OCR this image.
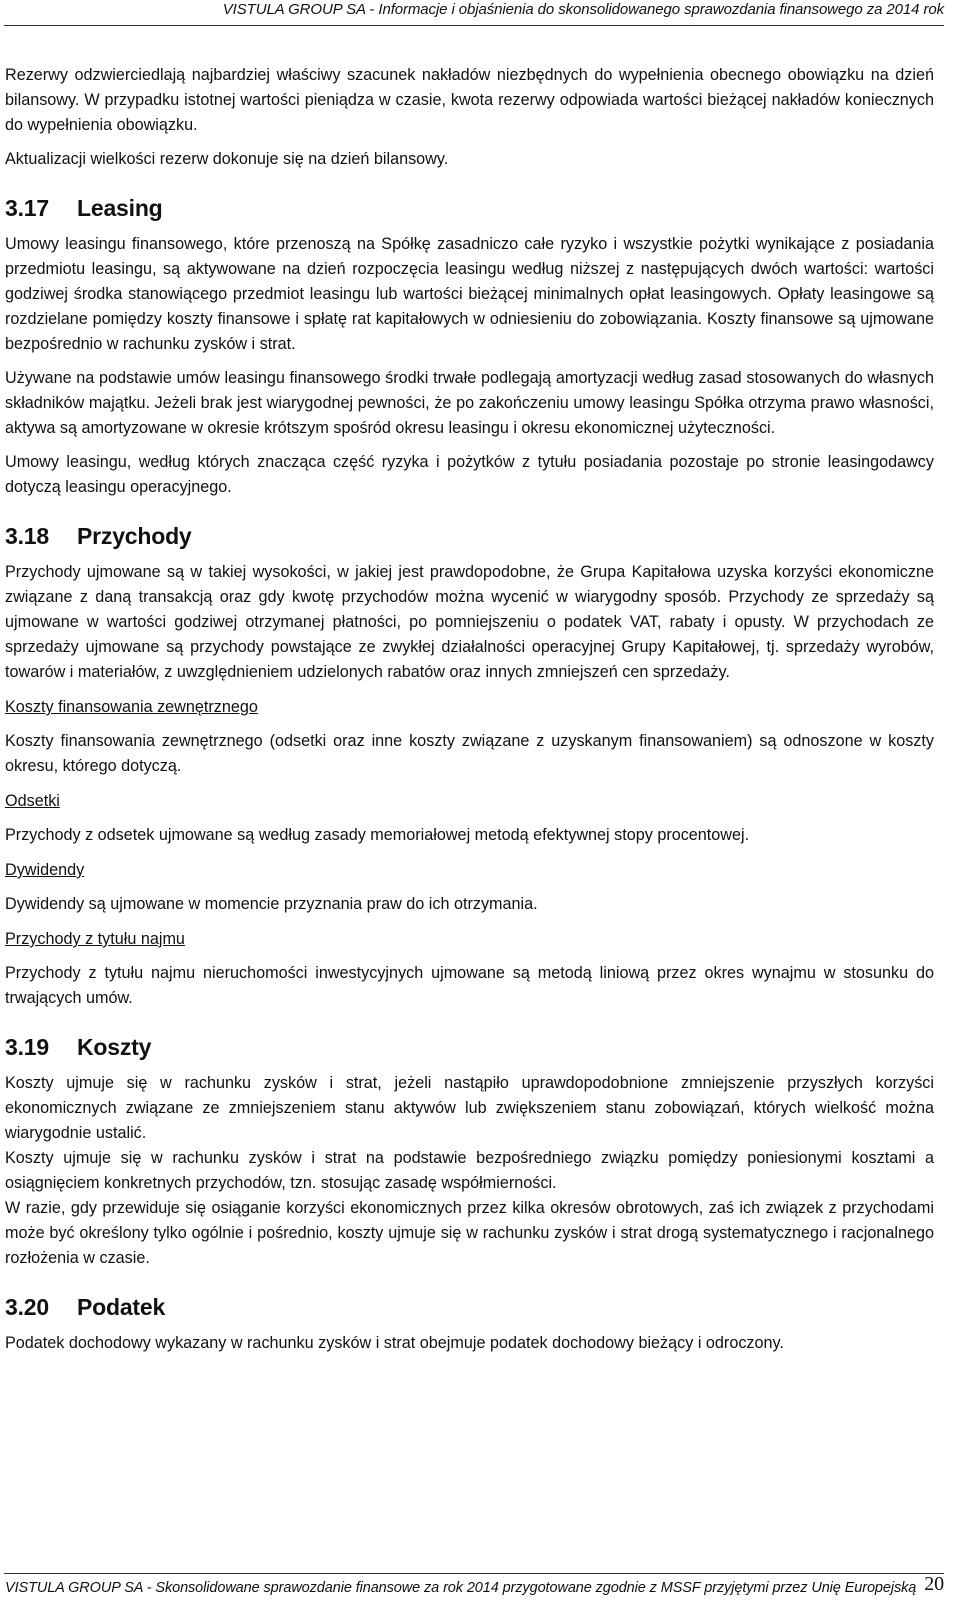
VISTULA GROUP SA - Informacje i objaśnienia do skonsolidowanego sprawozdania finansowego za 2014 rok

Rezerwy odzwierciedlają najbardziej właściwy szacunek nakładów niezbędnych do wypełnienia obecnego obowiązku na dzień bilansowy. W przypadku istotnej wartości pieniądza w czasie, kwota rezerwy odpowiada wartości bieżącej nakładów koniecznych do wypełnienia obowiązku.

Aktualizacji wielkości rezerw dokonuje się na dzień bilansowy.

3.17 Leasing

Umowy leasingu finansowego, które przenoszą na Spółkę zasadniczo całe ryzyko i wszystkie pożytki wynikające z posiadania przedmiotu leasingu, są aktywowane na dzień rozpoczęcia leasingu według niższej z następujących dwóch wartości: wartości godziwej środka stanowiącego przedmiot leasingu lub wartości bieżącej minimalnych opłat leasingowych. Opłaty leasingowe są rozdzielane pomiędzy koszty finansowe i spłatę rat kapitałowych w odniesieniu do zobowiązania. Koszty finansowe są ujmowane bezpośrednio w rachunku zysków i strat.

Używane na podstawie umów leasingu finansowego środki trwałe podlegają amortyzacji według zasad stosowanych do własnych składników majątku. Jeżeli brak jest wiarygodnej pewności, że po zakończeniu umowy leasingu Spółka otrzyma prawo własności, aktywa są amortyzowane w okresie krótszym spośród okresu leasingu i okresu ekonomicznej użyteczności.

Umowy leasingu, według których znacząca część ryzyka i pożytków z tytułu posiadania pozostaje po stronie leasingodawcy dotyczą leasingu operacyjnego.

3.18 Przychody

Przychody ujmowane są w takiej wysokości, w jakiej jest prawdopodobne, że Grupa Kapitałowa uzyska korzyści ekonomiczne związane z daną transakcją oraz gdy kwotę przychodów można wycenić w wiarygodny sposób. Przychody ze sprzedaży są ujmowane w wartości godziwej otrzymanej płatności, po pomniejszeniu o podatek VAT, rabaty i opusty. W przychodach ze sprzedaży ujmowane są przychody powstające ze zwykłej działalności operacyjnej Grupy Kapitałowej, tj. sprzedaży wyrobów, towarów i materiałów, z uwzględnieniem udzielonych rabatów oraz innych zmniejszeń cen sprzedaży.

Koszty finansowania zewnętrznego

Koszty finansowania zewnętrznego (odsetki oraz inne koszty związane z uzyskanym finansowaniem) są odnoszone w koszty okresu, którego dotyczą.

Odsetki

Przychody z odsetek ujmowane są według zasady memoriałowej metodą efektywnej stopy procentowej.

Dywidendy

Dywidendy są ujmowane w momencie przyznania praw do ich otrzymania.

Przychody z tytułu najmu

Przychody z tytułu najmu nieruchomości inwestycyjnych ujmowane są metodą liniową przez okres wynajmu w stosunku do trwających umów.

3.19 Koszty

Koszty ujmuje się w rachunku zysków i strat, jeżeli nastąpiło uprawdopodobnione zmniejszenie przyszłych korzyści ekonomicznych związane ze zmniejszeniem stanu aktywów lub zwiększeniem stanu zobowiązań, których wielkość można wiarygodnie ustalić.

Koszty ujmuje się w rachunku zysków i strat na podstawie bezpośredniego związku pomiędzy poniesionymi kosztami a osiągnięciem konkretnych przychodów, tzn. stosując zasadę współmierności.

W razie, gdy przewiduje się osiąganie korzyści ekonomicznych przez kilka okresów obrotowych, zaś ich związek z przychodami może być określony tylko ogólnie i pośrednio, koszty ujmuje się w rachunku zysków i strat drogą systematycznego i racjonalnego rozłożenia w czasie.

3.20 Podatek

Podatek dochodowy wykazany w rachunku zysków i strat obejmuje podatek dochodowy bieżący i odroczony.

VISTULA GROUP SA - Skonsolidowane sprawozdanie finansowe za rok 2014 przygotowane zgodnie z MSSF przyjętymi przez Unię Europejską 20
